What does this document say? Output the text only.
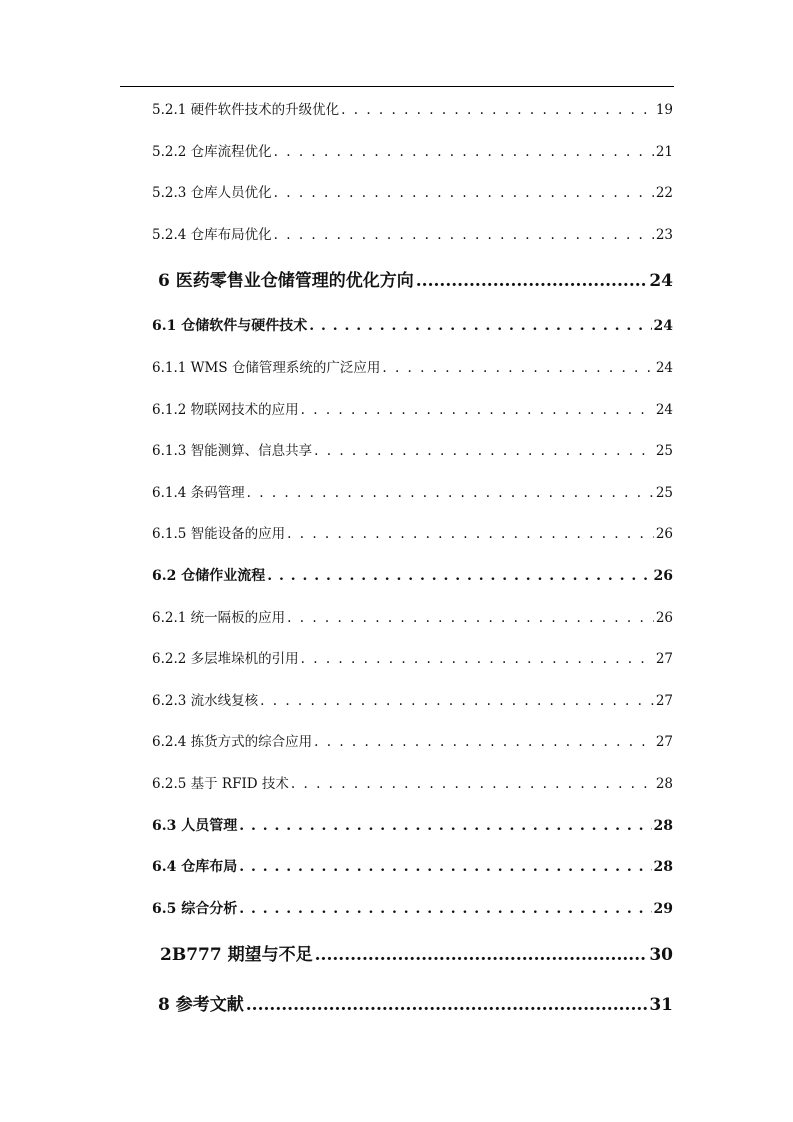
5.2.1 硬件软件技术的升级优化 . . .	19
5.2.2 仓库流程优化 . . .	21
5.2.3 仓库人员优化 . . .	22
5.2.4 仓库布局优化 . . .	23
6 医药零售业仓储管理的优化方向 .....	24
6.1 仓储软件与硬件技术 . . .	24
6.1.1 WMS 仓储管理系统的广泛应用 . . .	24
6.1.2 物联网技术的应用 . . .	24
6.1.3 智能测算、信息共享 . . .	25
6.1.4 条码管理 . . .	25
6.1.5 智能设备的应用 . . .	26
6.2 仓储作业流程 . . .	26
6.2.1 统一隔板的应用 . . .	26
6.2.2 多层堆垛机的引用 . . .	27
6.2.3 流水线复核 . . .	27
6.2.4 拣货方式的综合应用 . . .	27
6.2.5 基于 RFID 技术 . . .	28
6.3 人员管理 . . .	28
6.4 仓库布局 . . .	28
6.5 综合分析 . . .	29
2B777 期望与不足 .....	30
8 参考文献 .....	31
